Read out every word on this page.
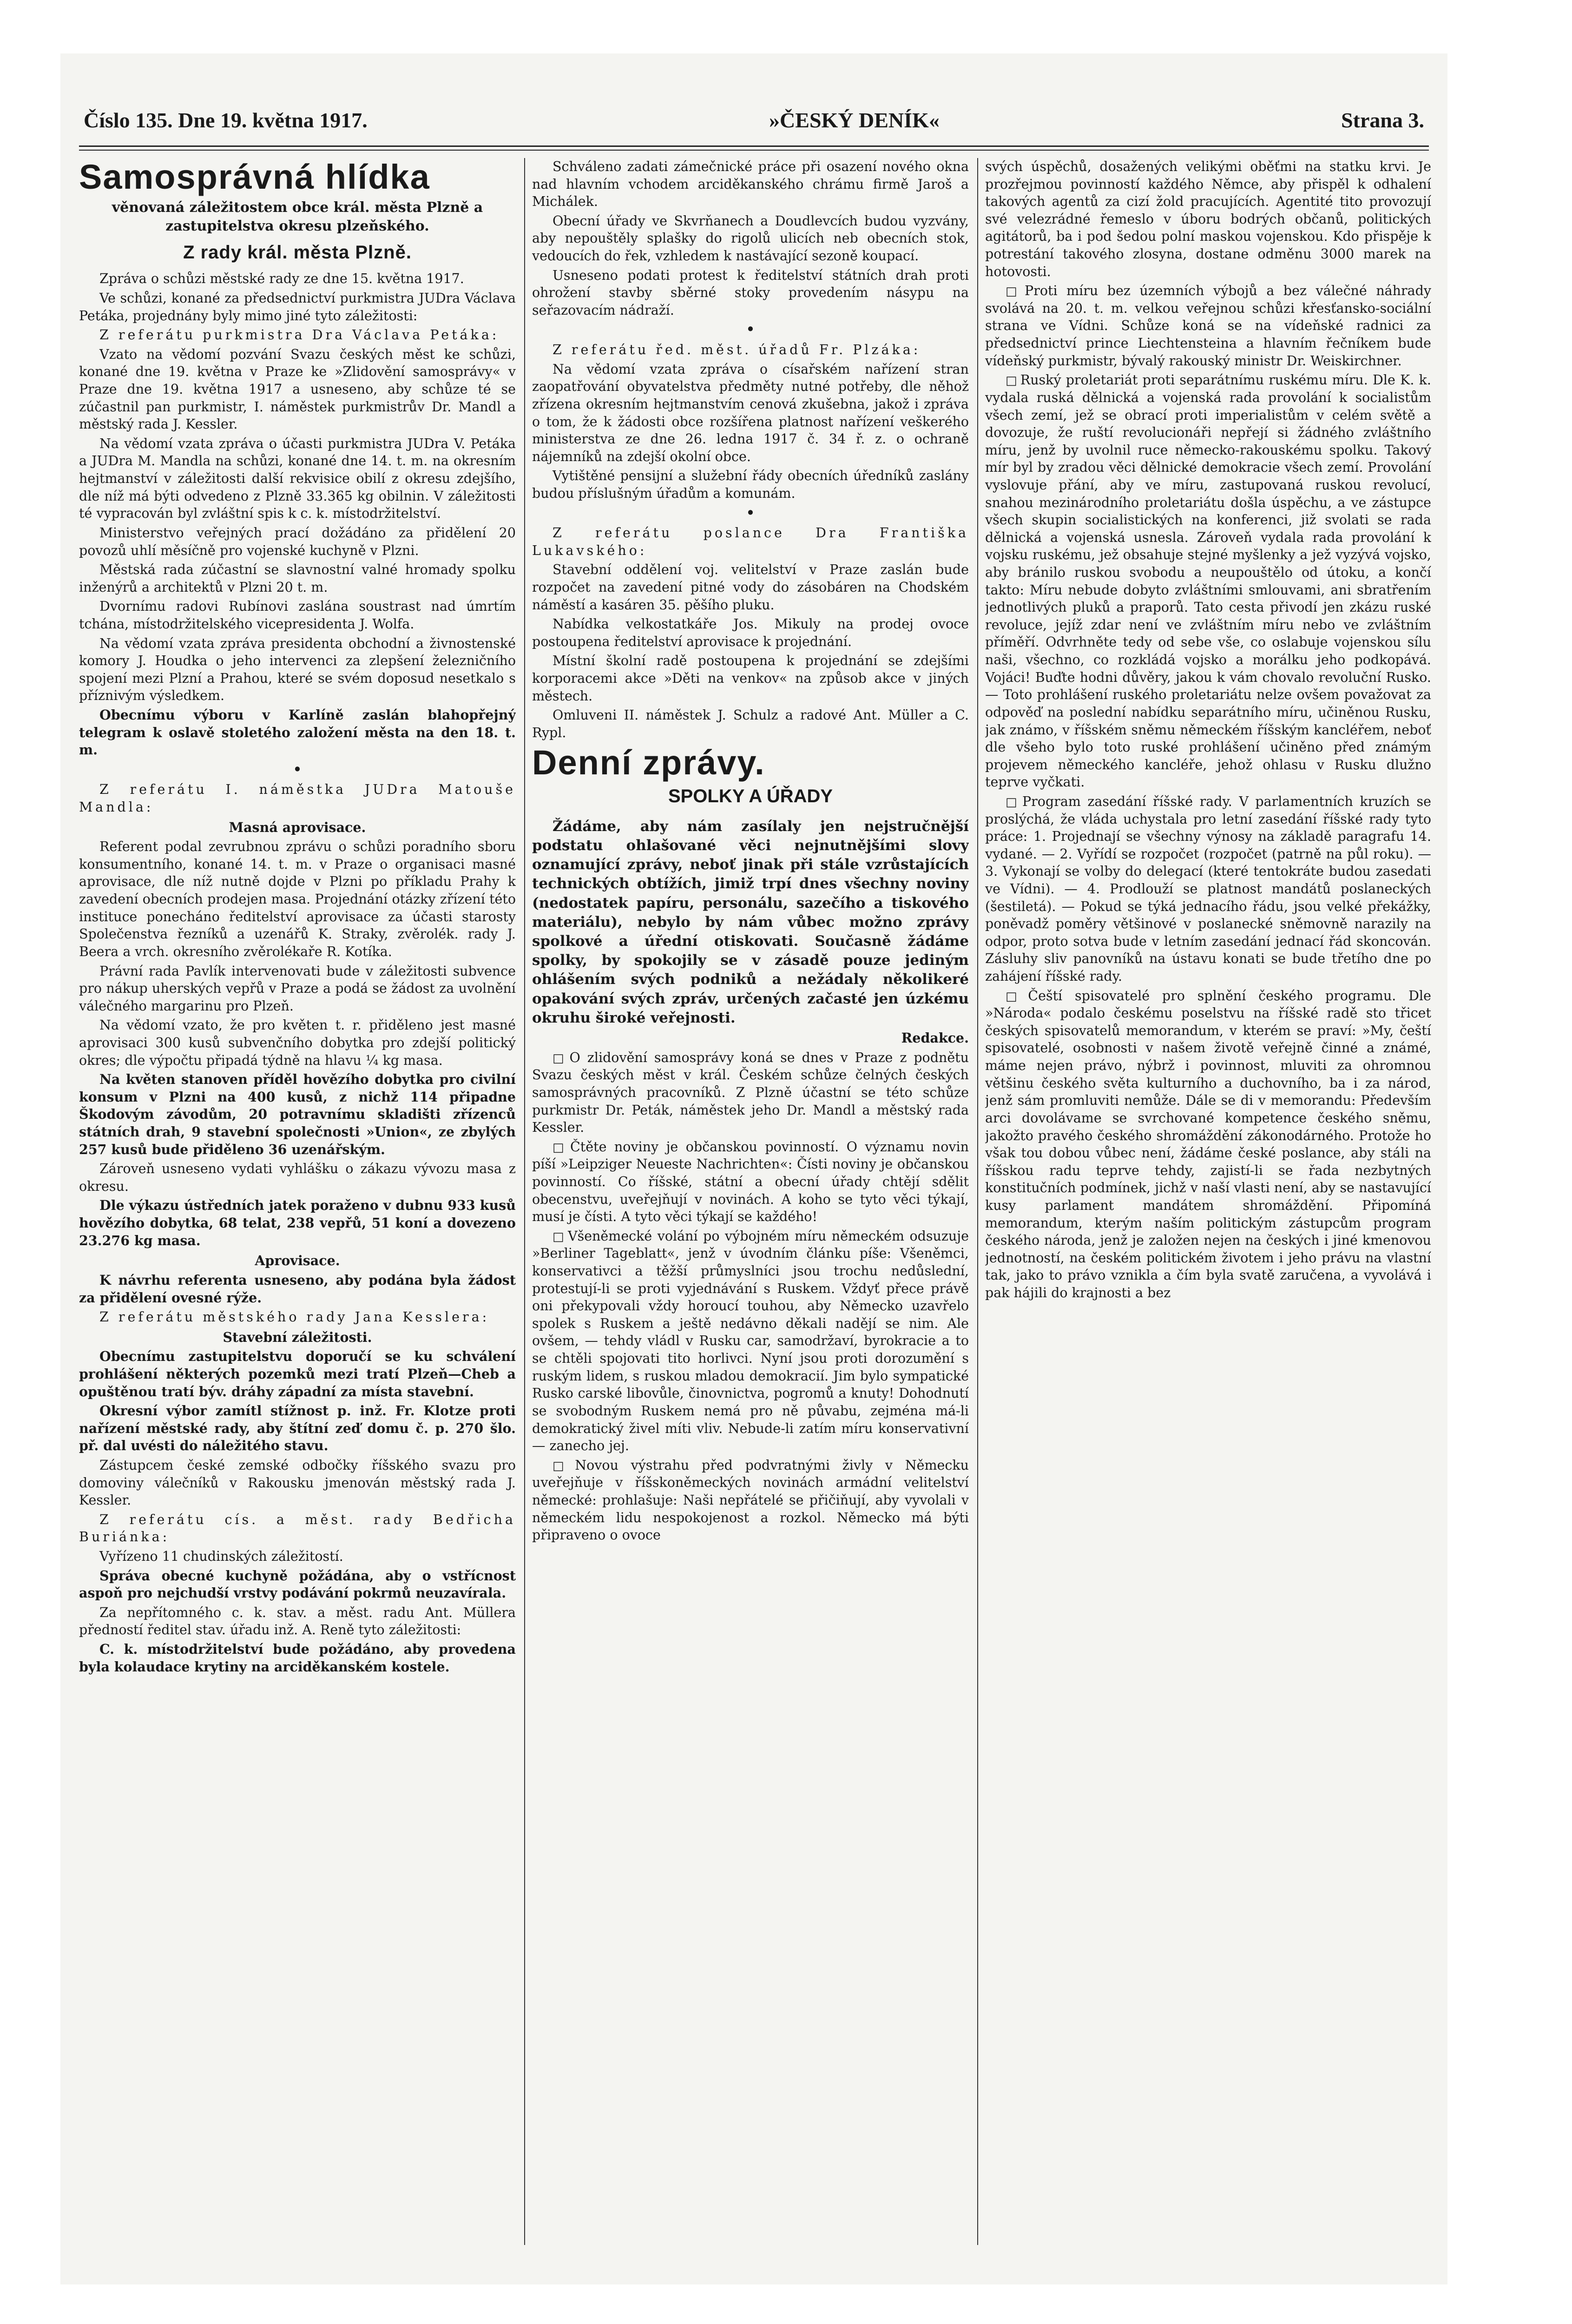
Číslo 135. Dne 19. května 1917.	»ČESKÝ DENÍK«	Strana 3.
Samosprávná hlídka

věnovaná záležitostem obce král. města Plzně a zastupitelstva okresu plzeňského.

Z rady král. města Plzně.

Zpráva o schůzi městské rady ze dne 15. května 1917.

Ve schůzi, konané za předsednictví purkmistra JUDra Václava Petáka, projednány byly mimo jiné tyto záležitosti:

Z referátu purkmistra Dra Václava Petáka:

Vzato na vědomí pozvání Svazu českých měst ke schůzi, konané dne 19. května v Praze ke »Zlidovění samosprávy« v Praze dne 19. května 1917 a usneseno, aby schůze té se zúčastnil pan purkmistr, I. náměstek purkmistrův Dr. Mandl a městský rada J. Kessler.

Na vědomí vzata zpráva o účasti purkmistra JUDra V. Petáka a JUDra M. Mandla na schůzi, konané dne 14. t. m. na okresním hejtmanství v záležitosti další rekvisice obilí z okresu zdejšího, dle níž má býti odvedeno z Plzně 33.365 kg obilnin. V záležitosti té vypracován byl zvláštní spis k c. k. místodržitelství.

Ministerstvo veřejných prací dožádáno za přidělení 20 povozů uhlí měsíčně pro vojenské kuchyně v Plzni.

Městská rada zúčastní se slavnostní valné hromady spolku inženýrů a architektů v Plzni 20 t. m.

Dvornímu radovi Rubínovi zaslána soustrast nad úmrtím tchána, místodržitelského vicepresidenta J. Wolfa.

Na vědomí vzata zpráva presidenta obchodní a živnostenské komory J. Houdka o jeho intervenci za zlepšení železničního spojení mezi Plzní a Prahou, které se svém doposud nesetkalo s příznivým výsledkem.

Obecnímu výboru v Karlíně zaslán blahopřejný telegram k oslavě stoletého založení města na den 18. t. m.

•

Z referátu I. náměstka JUDra Matouše Mandla:

Masná aprovisace.

Referent podal zevrubnou zprávu o schůzi poradního sboru konsumentního, konané 14. t. m. v Praze o organisaci masné aprovisace, dle níž nutně dojde v Plzni po příkladu Prahy k zavedení obecních prodejen masa. Projednání otázky zřízení této instituce ponecháno ředitelství aprovisace za účasti starosty Společenstva řezníků a uzenářů K. Straky, zvěrolék. rady J. Beera a vrch. okresního zvěrolékaře R. Kotíka.

Právní rada Pavlík intervenovati bude v záležitosti subvence pro nákup uherských vepřů v Praze a podá se žádost za uvolnění válečného margarinu pro Plzeň.

Na vědomí vzato, že pro květen t. r. přiděleno jest masné aprovisaci 300 kusů subvenčního dobytka pro zdejší politický okres; dle výpočtu připadá týdně na hlavu ¼ kg masa.

Na květen stanoven příděl hovězího dobytka pro civilní konsum v Plzni na 400 kusů, z nichž 114 připadne Škodovým závodům, 20 potravnímu skladišti zřízenců státních drah, 9 stavební společnosti »Union«, ze zbylých 257 kusů bude přiděleno 36 uzenářským.

Zároveň usneseno vydati vyhlášku o zákazu vývozu masa z okresu.

Dle výkazu ústředních jatek poraženo v dubnu 933 kusů hovězího dobytka, 68 telat, 238 vepřů, 51 koní a dovezeno 23.276 kg masa.

Aprovisace.

K návrhu referenta usneseno, aby podána byla žádost za přidělení ovesné rýže.

Z referátu městského rady Jana Kesslera:

Stavební záležitosti.

Obecnímu zastupitelstvu doporučí se ku schválení prohlášení některých pozemků mezi tratí Plzeň—Cheb a opuštěnou tratí býv. dráhy západní za místa stavební.

Okresní výbor zamítl stížnost p. inž. Fr. Klotze proti nařízení městské rady, aby štítní zeď domu č. p. 270 šlo. př. dal uvésti do náležitého stavu.

Zástupcem české zemské odbočky říšského svazu pro domoviny válečníků v Rakousku jmenován městský rada J. Kessler.

Z referátu cís. a měst. rady Bedřicha Buriánka:

Vyřízeno 11 chudinských záležitostí.

Správa obecné kuchyně požádána, aby o vstřícnost aspoň pro nejchudší vrstvy podávání pokrmů neuzavírala.

Za nepřítomného c. k. stav. a měst. radu Ant. Müllera předností ředitel stav. úřadu inž. A. Reně tyto záležitosti:

C. k. místodržitelství bude požádáno, aby provedena byla kolaudace krytiny na arciděkanském kostele.

Schváleno zadati zámečnické práce při osazení nového okna nad hlavním vchodem arciděkanského chrámu firmě Jaroš a Michálek.

Obecní úřady ve Skvrňanech a Doudlevcích budou vyzvány, aby nepouštěly splašky do rigolů ulicích neb obecních stok, vedoucích do řek, vzhledem k nastávající sezoně koupací.

Usneseno podati protest k ředitelství státních drah proti ohrožení stavby sběrné stoky provedením násypu na seřazovacím nádraží.

•

Z referátu řed. měst. úřadů Fr. Plzáka:

Na vědomí vzata zpráva o císařském nařízení stran zaopatřování obyvatelstva předměty nutné potřeby, dle něhož zřízena okresním hejtmanstvím cenová zkušebna, jakož i zpráva o tom, že k žádosti obce rozšířena platnost nařízení veškerého ministerstva ze dne 26. ledna 1917 č. 34 ř. z. o ochraně nájemníků na zdejší okolní obce.

Vytištěné pensijní a služební řády obecních úředníků zaslány budou příslušným úřadům a komunám.

•

Z referátu poslance Dra Františka Lukavského:

Stavební oddělení voj. velitelství v Praze zaslán bude rozpočet na zavedení pitné vody do zásobáren na Chodském náměstí a kasáren 35. pěšího pluku.

Nabídka velkostatkáře Jos. Mikuly na prodej ovoce postoupena ředitelství aprovisace k projednání.

Místní školní radě postoupena k projednání se zdejšími korporacemi akce »Děti na venkov« na způsob akce v jiných městech.

Omluveni II. náměstek J. Schulz a radové Ant. Müller a C. Rypl.

Denní zprávy.
SPOLKY A ÚŘADY

Žádáme, aby nám zasílaly jen nejstručnější podstatu ohlašované věci nejnutnějšími slovy oznamující zprávy, neboť jinak při stále vzrůstajících technických obtížích, jimiž trpí dnes všechny noviny (nedostatek papíru, personálu, sazečího a tiskového materiálu), nebylo by nám vůbec možno zprávy spolkové a úřední otiskovati. Současně žádáme spolky, by spokojily se v zásadě pouze jediným ohlášením svých podniků a nežádaly několikeré opakování svých zpráv, určených začasté jen úzkému okruhu široké veřejnosti.

Redakce.

□ O zlidovění samosprávy koná se dnes v Praze z podnětu Svazu českých měst v král. Českém schůze čelných českých samosprávných pracovníků. Z Plzně účastní se této schůze purkmistr Dr. Peták, náměstek jeho Dr. Mandl a městský rada Kessler.

□ Čtěte noviny je občanskou povinností. O významu novin píší »Leipziger Neueste Nachrichten«: Čísti noviny je občanskou povinností. Co říšské, státní a obecní úřady chtějí sdělit obecenstvu, uveřejňují v novinách. A koho se tyto věci týkají, musí je čísti. A tyto věci týkají se každého!

□ Všeněmecké volání po výbojném míru německém odsuzuje »Berliner Tageblatt«, jenž v úvodním článku píše: Všeněmci, konservativci a těžší průmyslníci jsou trochu nedůslední, protestují-li se proti vyjednávání s Ruskem. Vždyť přece právě oni překypovali vždy horoucí touhou, aby Německo uzavřelo spolek s Ruskem a ještě nedávno děkali nadějí se nim. Ale ovšem, — tehdy vládl v Rusku car, samodržaví, byrokracie a to se chtěli spojovati tito horlivci. Nyní jsou proti dorozumění s ruským lidem, s ruskou mladou demokracií. Jim bylo sympatické Rusko carské libovůle, činovnictva, pogromů a knuty! Dohodnutí se svobodným Ruskem nemá pro ně půvabu, zejména má-li demokratický živel míti vliv. Nebude-li zatím míru konservativní — zanecho jej.

□ Novou výstrahu před podvratnými živly v Německu uveřejňuje v říšskoněmeckých novinách armádní velitelství německé: prohlašuje: Naši nepřátelé se přičiňují, aby vyvolali v německém lidu nespokojenost a rozkol. Německo má býti připraveno o ovoce

svých úspěchů, dosažených velikými oběťmi na statku krvi. Je prozřejmou povinností každého Němce, aby přispěl k odhalení takových agentů za cizí žold pracujících. Agentité tito provozují své velezrádné řemeslo v úboru bodrých občanů, politických agitátorů, ba i pod šedou polní maskou vojenskou. Kdo přispěje k potrestání takového zlosyna, dostane odměnu 3000 marek na hotovosti.

□ Proti míru bez územních výbojů a bez válečné náhrady svolává na 20. t. m. velkou veřejnou schůzi křesťansko-sociální strana ve Vídni. Schůze koná se na vídeňské radnici za předsednictví prince Liechtensteina a hlavním řečníkem bude vídeňský purkmistr, bývalý rakouský ministr Dr. Weiskirchner.

□ Ruský proletariát proti separátnímu ruskému míru. Dle K. k. vydala ruská dělnická a vojenská rada provolání k socialistům všech zemí, jež se obrací proti imperialistům v celém světě a dovozuje, že ruští revolucionáři nepřejí si žádného zvláštního míru, jenž by uvolnil ruce německo-rakouskému spolku. Takový mír byl by zradou věci dělnické demokracie všech zemí. Provolání vyslovuje přání, aby ve míru, zastupovaná ruskou revolucí, snahou mezinárodního proletariátu došla úspěchu, a ve zástupce všech skupin socialistických na konferenci, již svolati se rada dělnická a vojenská usnesla. Zároveň vydala rada provolání k vojsku ruskému, jež obsahuje stejné myšlenky a jež vyzývá vojsko, aby bránilo ruskou svobodu a neupouštělo od útoku, a končí takto: Míru nebude dobyto zvláštními smlouvami, ani sbratřením jednotlivých pluků a praporů. Tato cesta přivodí jen zkázu ruské revoluce, jejíž zdar není ve zvláštním míru nebo ve zvláštním příměří. Odvrhněte tedy od sebe vše, co oslabuje vojenskou sílu naši, všechno, co rozkládá vojsko a morálku jeho podkopává. Vojáci! Buďte hodni důvěry, jakou k vám chovalo revoluční Rusko. — Toto prohlášení ruského proletariátu nelze ovšem považovat za odpověď na poslední nabídku separátního míru, učiněnou Rusku, jak známo, v říšském sněmu německém říšským kancléřem, neboť dle všeho bylo toto ruské prohlášení učiněno před známým projevem německého kancléře, jehož ohlasu v Rusku dlužno teprve vyčkati.

□ Program zasedání říšské rady. V parlamentních kruzích se proslýchá, že vláda uchystala pro letní zasedání říšské rady tyto práce: 1. Projednají se všechny výnosy na základě paragrafu 14. vydané. — 2. Vyřídí se rozpočet (rozpočet (patrně na půl roku). — 3. Vykonají se volby do delegací (které tentokráte budou zasedati ve Vídni). — 4. Prodlouží se platnost mandátů poslaneckých (šestiletá). — Pokud se týká jednacího řádu, jsou velké překážky, poněvadž poměry většinové v poslanecké sněmovně narazily na odpor, proto sotva bude v letním zasedání jednací řád skoncován. Zásluhy sliv panovníků na ústavu konati se bude třetího dne po zahájení říšské rady.

□ Čeští spisovatelé pro splnění českého programu. Dle »Národa« podalo českému poselstvu na říšské radě sto třicet českých spisovatelů memorandum, v kterém se praví: »My, čeští spisovatelé, osobnosti v našem životě veřejně činné a známé, máme nejen právo, nýbrž i povinnost, mluviti za ohromnou většinu českého světa kulturního a duchovního, ba i za národ, jenž sám promluviti nemůže. Dále se di v memorandu: Především arci dovolávame se svrchované kompetence českého sněmu, jakožto pravého českého shromáždění zákonodárného. Protože ho však tou dobou vůbec není, žádáme české poslance, aby stáli na říšskou radu teprve tehdy, zajistí-li se řada nezbytných konstitučních podmínek, jichž v naší vlasti není, aby se nastavující kusy parlament mandátem shromáždění. Připomíná memorandum, kterým naším politickým zástupcům program českého národa, jenž je založen nejen na českých i jiné kmenovou jednotností, na českém politickém životem i jeho právu na vlastní tak, jako to právo vznikla a čím byla svatě zaručena, a vyvolává i pak hájili do krajnosti a bez
